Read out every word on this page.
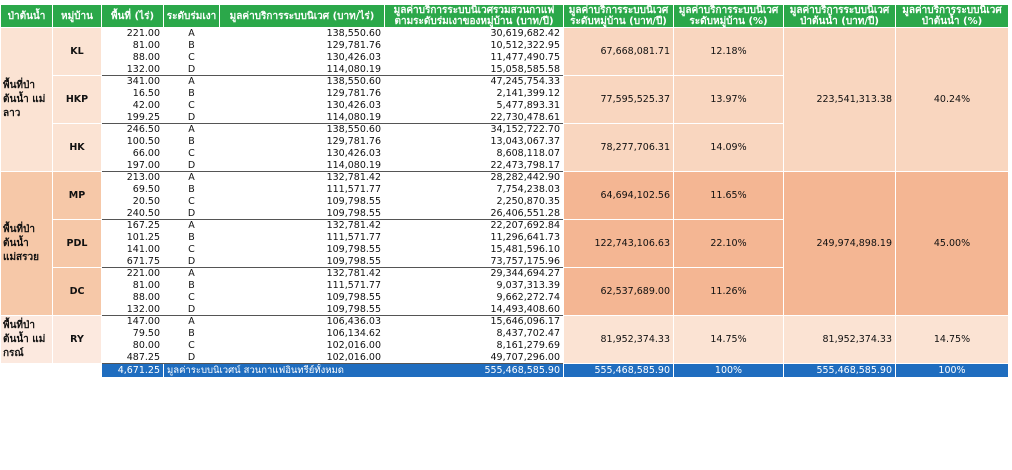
ป่าต้นน้ำ	หมู่บ้าน	พื้นที่ (ไร่)	ระดับร่มเงา	มูลค่าบริการระบบนิเวศ (บาท/ไร่)	มูลค่าบริการระบบนิเวศรวมสวนกาแฟ ตามระดับร่มเงาของหมู่บ้าน (บาท/ปี)	มูลค่าบริการระบบนิเวศ ระดับหมู่บ้าน (บาท/ปี)	มูลค่าบริการระบบนิเวศ ระดับหมู่บ้าน (%)	มูลค่าบริการระบบนิเวศ ป่าต้นน้ำ (บาท/ปี)	มูลค่าบริการระบบนิเวศ ป่าต้นน้ำ (%)
พื้นที่ป่า ต้นน้ำ แม่ลาว	KL	221.00	A	138,550.60	30,619,682.42	67,668,081.71	12.18%	223,541,313.38	40.24%
		81.00	B	129,781.76	10,512,322.95				
		88.00	C	130,426.03	11,477,490.75				
		132.00	D	114,080.19	15,058,585.58				
	HKP	341.00	A	138,550.60	47,245,754.33	77,595,525.37	13.97%		
		16.50	B	129,781.76	2,141,399.12				
		42.00	C	130,426.03	5,477,893.31				
		199.25	D	114,080.19	22,730,478.61				
	HK	246.50	A	138,550.60	34,152,722.70	78,277,706.31	14.09%		
		100.50	B	129,781.76	13,043,067.37				
		66.00	C	130,426.03	8,608,118.07				
		197.00	D	114,080.19	22,473,798.17				
พื้นที่ป่า ต้นน้ำ แม่สรวย	MP	213.00	A	132,781.42	28,282,442.90	64,694,102.56	11.65%	249,974,898.19	45.00%
		69.50	B	111,571.77	7,754,238.03				
		20.50	C	109,798.55	2,250,870.35				
		240.50	D	109,798.55	26,406,551.28				
	PDL	167.25	A	132,781.42	22,207,692.84	122,743,106.63	22.10%		
		101.25	B	111,571.77	11,296,641.73				
		141.00	C	109,798.55	15,481,596.10				
		671.75	D	109,798.55	73,757,175.96				
	DC	221.00	A	132,781.42	29,344,694.27	62,537,689.00	11.26%		
		81.00	B	111,571.77	9,037,313.39				
		88.00	C	109,798.55	9,662,272.74				
		132.00	D	109,798.55	14,493,408.60				
พื้นที่ป่า ต้นน้ำ แม่กรณ์	RY	147.00	A	106,436.03	15,646,096.17	81,952,374.33	14.75%	81,952,374.33	14.75%
		79.50	B	106,134.62	8,437,702.47				
		80.00	C	102,016.00	8,161,279.69				
		487.25	D	102,016.00	49,707,296.00				
		4,671.25	มูลค่าระบบนิเวศน์ สวนกาแฟอินทรีย์ทั้งหมด 555,468,585.90			555,468,585.90	100%	555,468,585.90	100%
